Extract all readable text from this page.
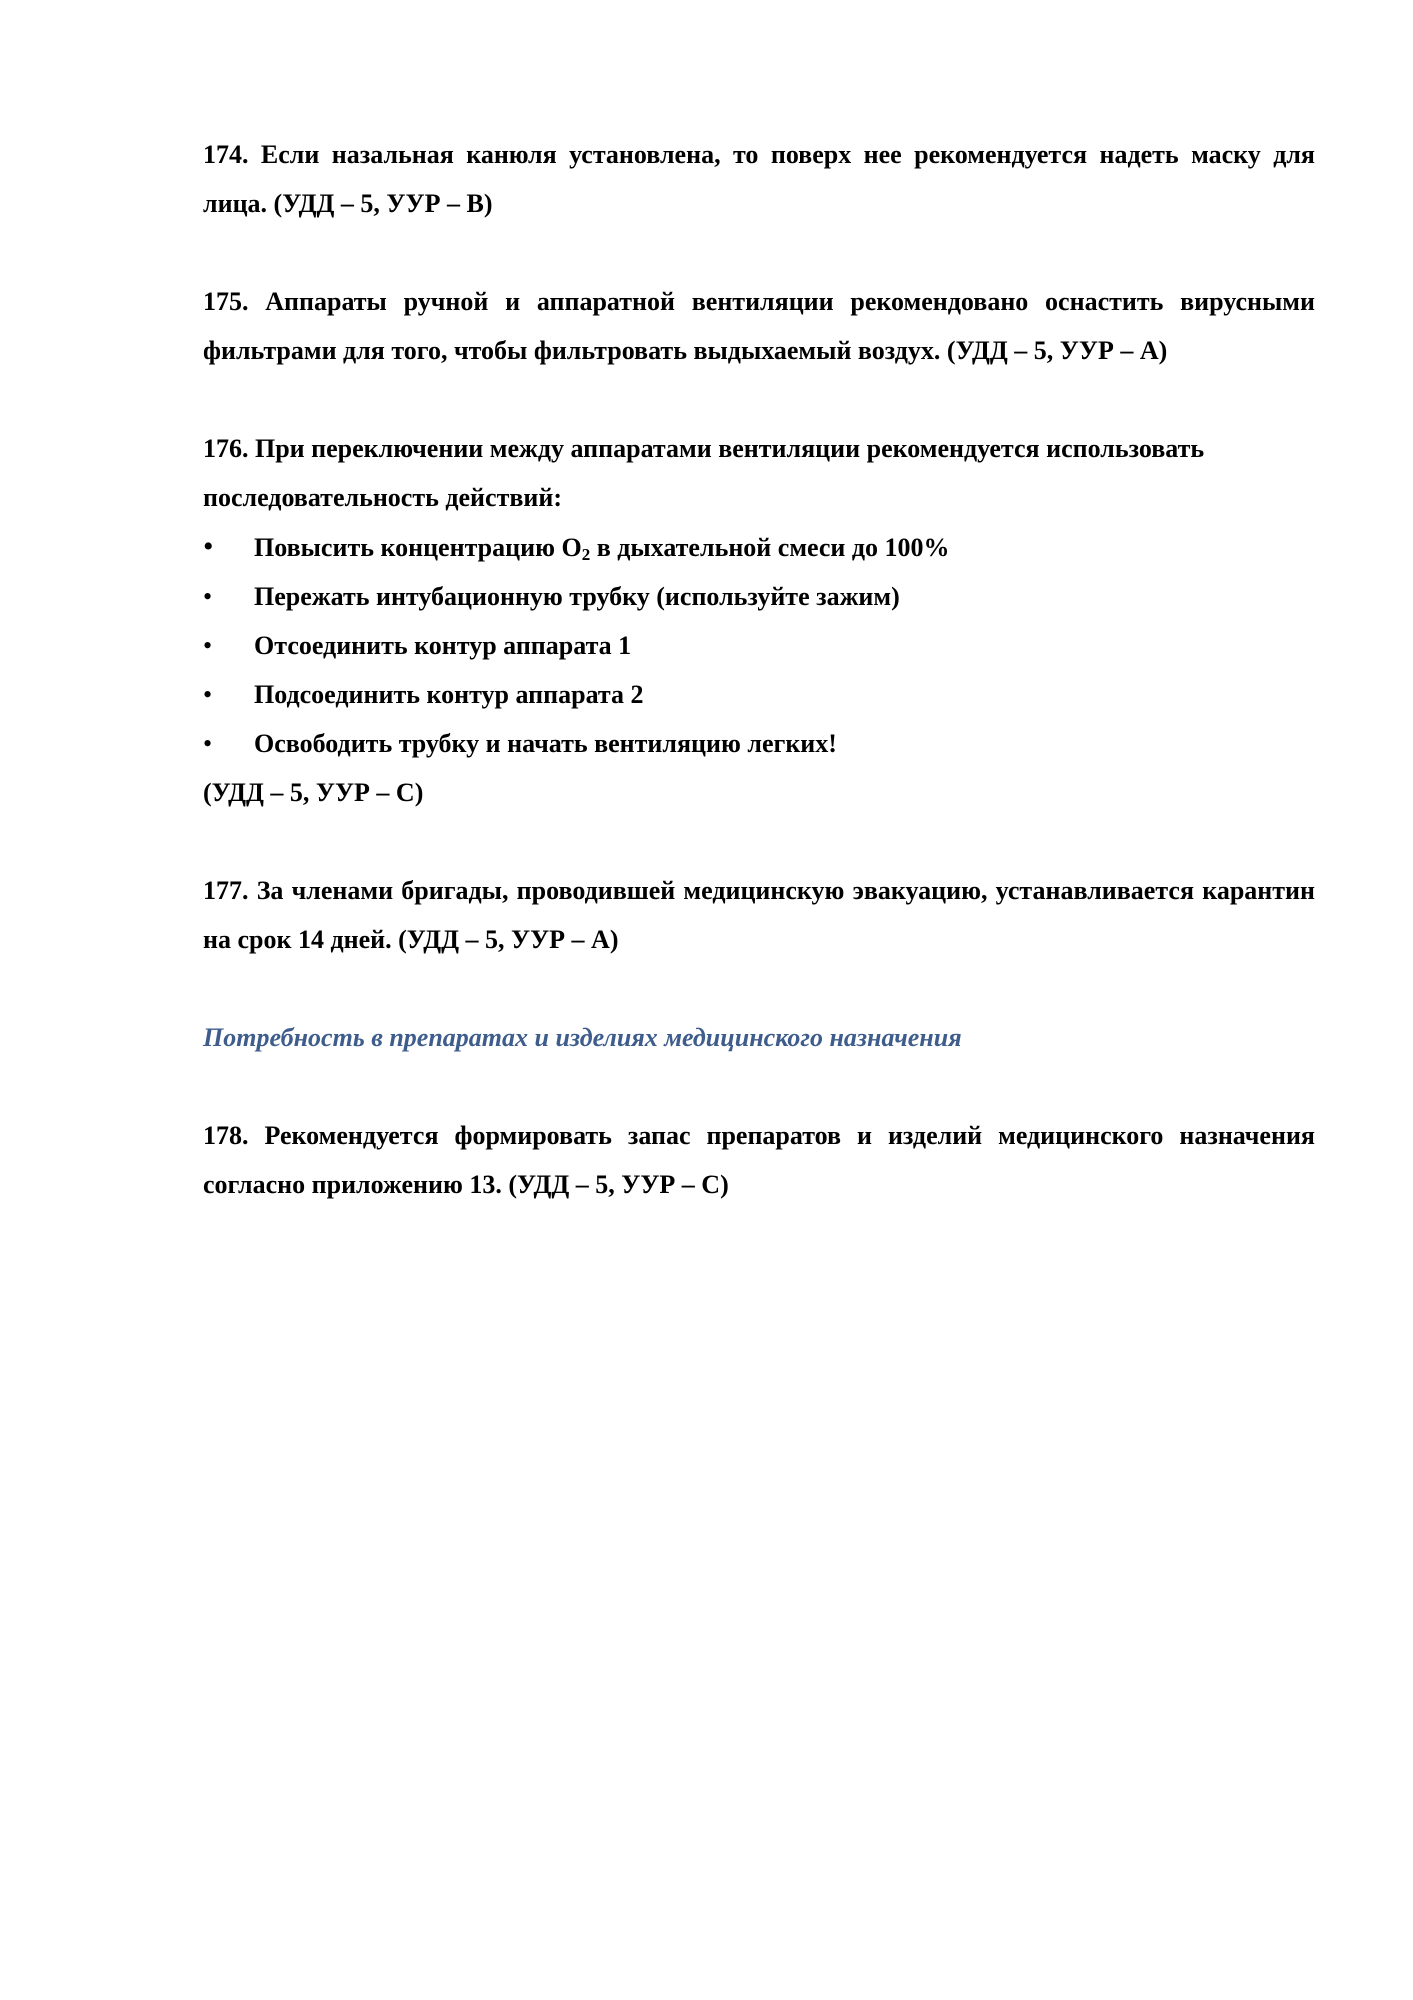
174. Если назальная канюля установлена, то поверх нее рекомендуется надеть маску для лица. (УДД – 5, УУР – В)

175. Аппараты ручной и аппаратной вентиляции рекомендовано оснастить вирусными фильтрами для того, чтобы фильтровать выдыхаемый воздух. (УДД – 5, УУР – А)

176. При переключении между аппаратами вентиляции рекомендуется использовать последовательность действий:

•	Повысить концентрацию $O_2$ в дыхательной смеси до 100%
•	Пережать интубационную трубку (используйте зажим)
•	Отсоединить контур аппарата 1
•	Подсоединить контур аппарата 2
•	Освободить трубку и начать вентиляцию легких!

(УДД – 5, УУР – С)

177. За членами бригады, проводившей медицинскую эвакуацию, устанавливается карантин на срок 14 дней. (УДД – 5, УУР – А)

Потребность в препаратах и изделиях медицинского назначения

178. Рекомендуется формировать запас препаратов и изделий медицинского назначения согласно приложению 13. (УДД – 5, УУР – С)
